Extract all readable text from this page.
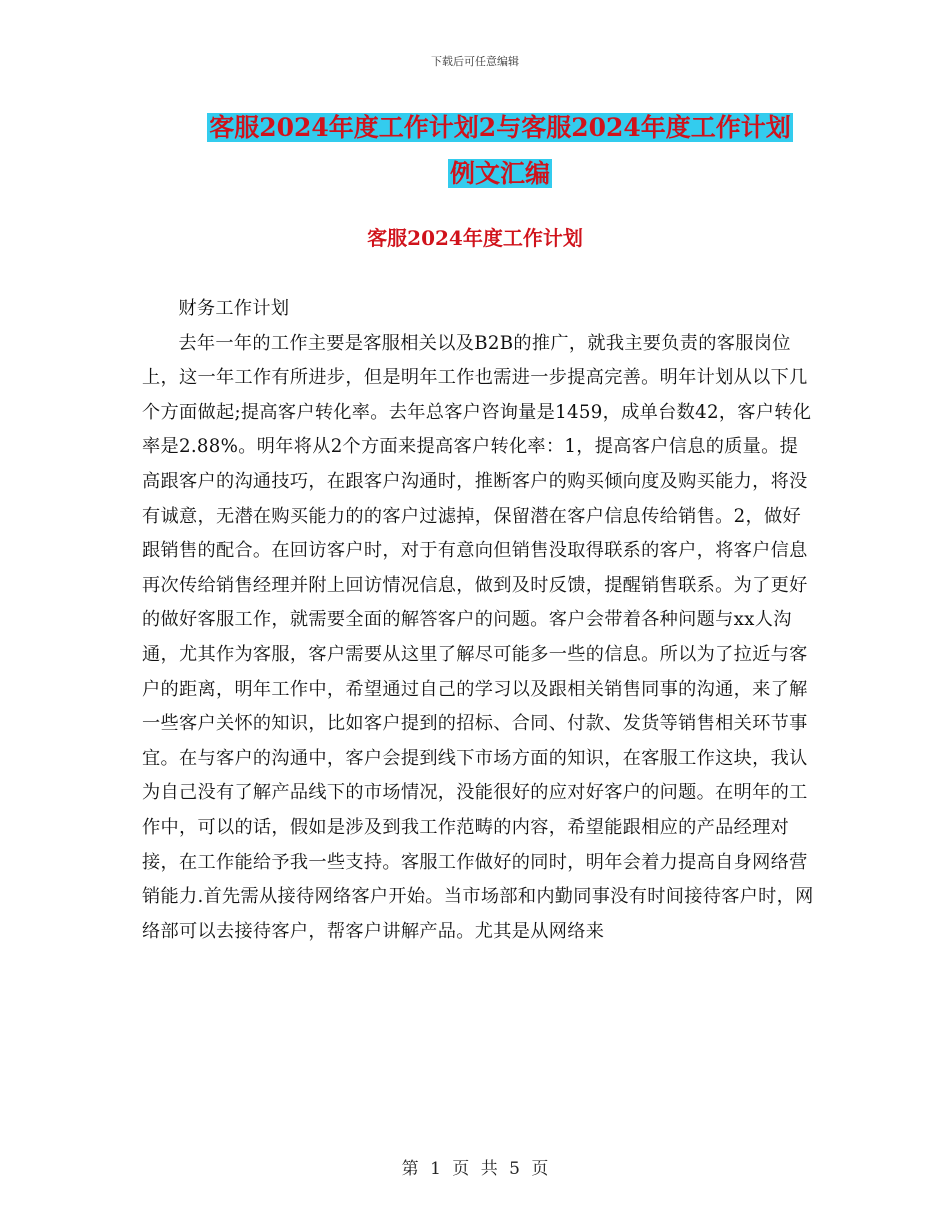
下载后可任意编辑
客服2024年度工作计划2与客服2024年度工作计划
例文汇编
客服2024年度工作计划

财务工作计划

去年一年的工作主要是客服相关以及B2B的推广，就我主要负责的客服岗位上，这一年工作有所进步，但是明年工作也需进一步提高完善。明年计划从以下几个方面做起;提高客户转化率。去年总客户咨询量是1459，成单台数42，客户转化率是2.88%。明年将从2个方面来提高客户转化率：1，提高客户信息的质量。提高跟客户的沟通技巧，在跟客户沟通时，推断客户的购买倾向度及购买能力，将没有诚意，无潜在购买能力的的客户过滤掉，保留潜在客户信息传给销售。2，做好跟销售的配合。在回访客户时，对于有意向但销售没取得联系的客户，将客户信息再次传给销售经理并附上回访情况信息，做到及时反馈，提醒销售联系。为了更好的做好客服工作，就需要全面的解答客户的问题。客户会带着各种问题与xx人沟通，尤其作为客服，客户需要从这里了解尽可能多一些的信息。所以为了拉近与客户的距离，明年工作中，希望通过自己的学习以及跟相关销售同事的沟通，来了解一些客户关怀的知识，比如客户提到的招标、合同、付款、发货等销售相关环节事宜。在与客户的沟通中，客户会提到线下市场方面的知识，在客服工作这块，我认为自己没有了解产品线下的市场情况，没能很好的应对好客户的问题。在明年的工作中，可以的话，假如是涉及到我工作范畴的内容，希望能跟相应的产品经理对接，在工作能给予我一些支持。客服工作做好的同时，明年会着力提高自身网络营销能力.首先需从接待网络客户开始。当市场部和内勤同事没有时间接待客户时，网络部可以去接待客户，帮客户讲解产品。尤其是从网络来

第 1 页 共 5 页
